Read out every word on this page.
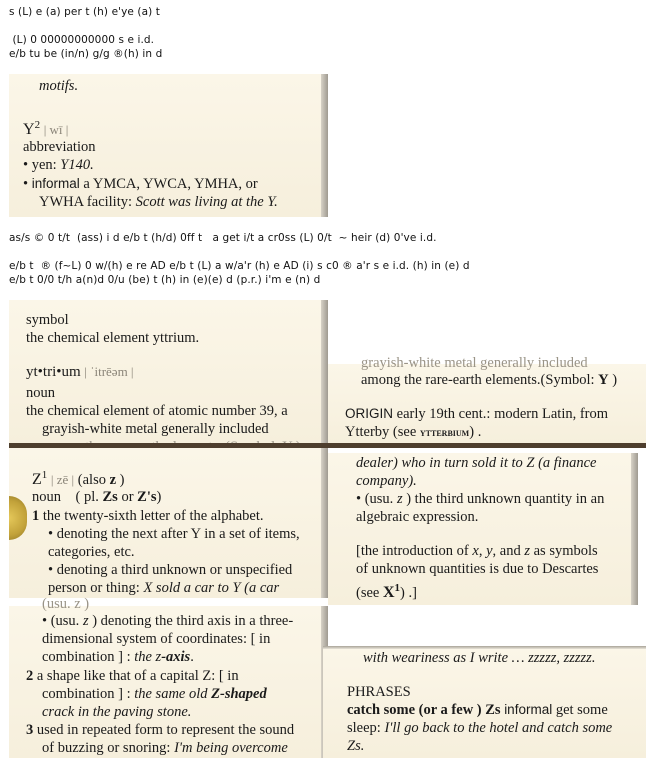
s (L) e (a) per t (h) e'ye (a) t
(L) 0 00000000000 s e i.d.
e/b tu be (in/n) g/g ®(h) in d
motifs.
$Y^2$ | wī |
abbreviation
• yen: Y140.
• informal a YMCA, YWCA, YMHA, or
YWHA facility: Scott was living at the Y.
as/s © 0 t/t  (ass) i d e/b t (h/d) 0ff t   a get i/t a cr0ss (L) 0/t  ~ heir (d) 0've i.d.
e/b t  ® (f~L) 0 w/(h) e re AD e/b t (L) a w/a'r (h) e AD (i) s c0 ® a'r s e i.d. (h) in (e) d
e/b t 0/0 t/h a(n)d 0/u (be) t (h) in (e)(e) d (p.r.) i'm e (n) d
symbol
the chemical element yttrium.
yt•tri•um | ˈitrēəm |
noun
the chemical element of atomic number 39, a
grayish-white metal generally included
grayish-white metal generally included
among the rare-earth elements.(Symbol: Y )
ORIGIN early 19th cent.: modern Latin, from
Ytterby (see ytterbium) .
$Z^1$ | zē | (also z )
noun ( pl. Zs or Z's)
1 the twenty-sixth letter of the alphabet.
• denoting the next after Y in a set of items,
categories, etc.
• denoting a third unknown or unspecified
person or thing: X sold a car to Y (a car
dealer) who in turn sold it to Z (a finance
company).
• (usu. z ) the third unknown quantity in an
algebraic expression.
[the introduction of x, y, and z as symbols
of unknown quantities is due to Descartes
(see $X^1$) .]
(usu. z )
• (usu. z ) denoting the third axis in a three-
dimensional system of coordinates: [ in
combination ] : the z-axis.
2 a shape like that of a capital Z: [ in
combination ] : the same old Z-shaped
crack in the paving stone.
3 used in repeated form to represent the sound
of buzzing or snoring: I'm being overcome
with weariness as I write … zzzzz, zzzzz.
PHRASES
catch some (or a few ) Zs informal get some
sleep: I'll go back to the hotel and catch some
Zs.
